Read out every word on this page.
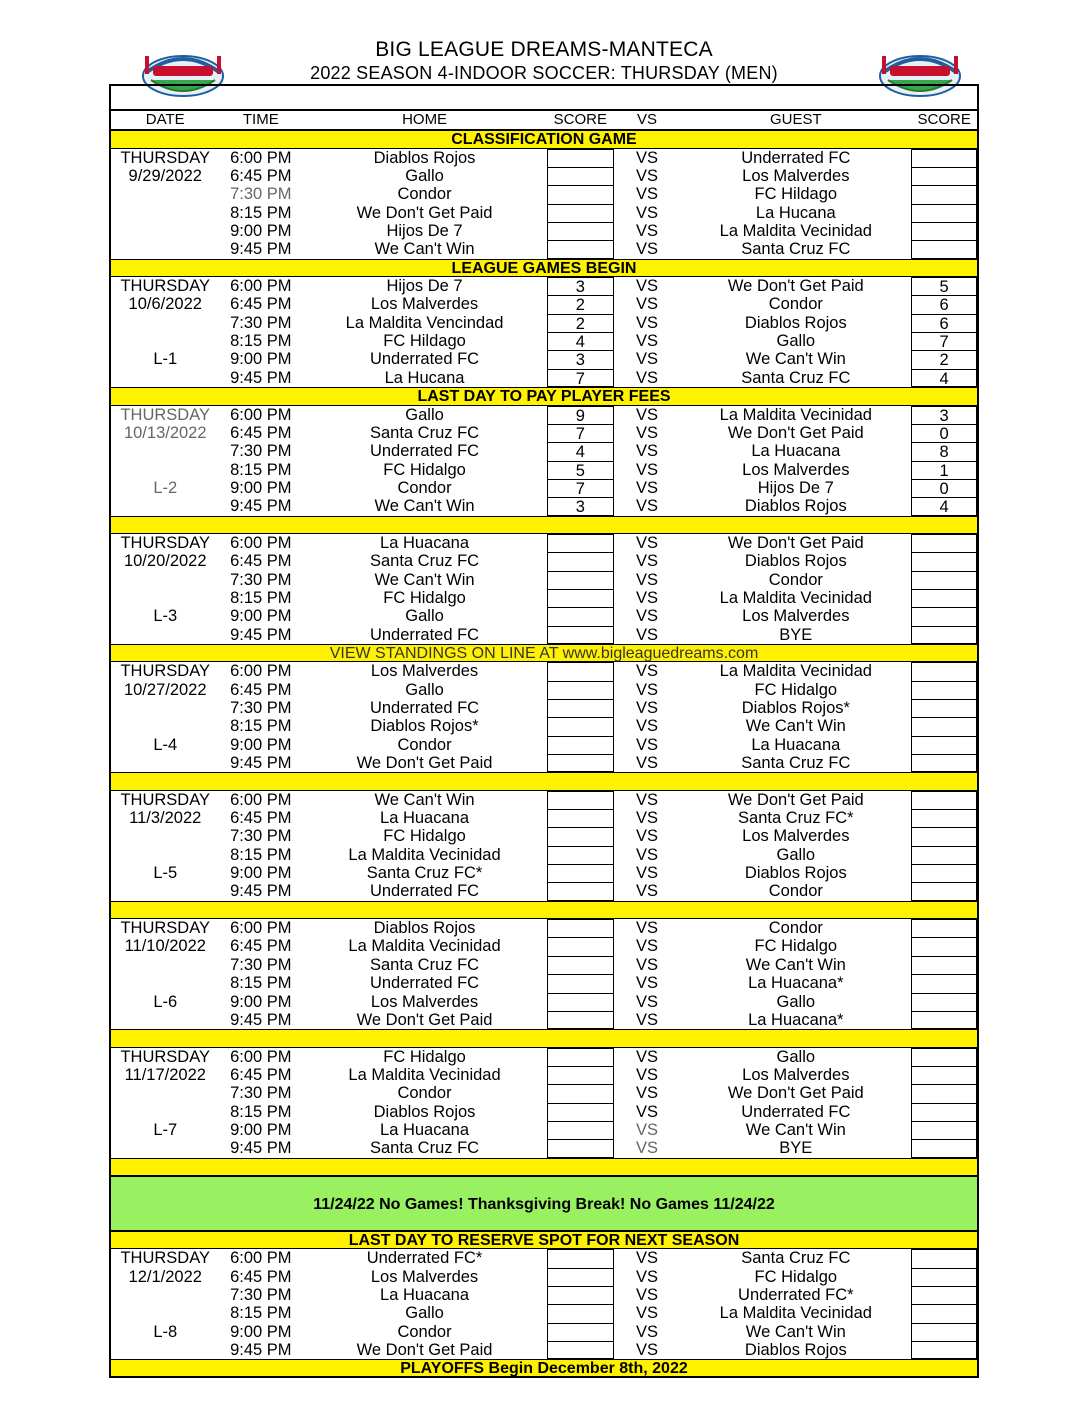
BIG LEAGUE DREAMS-MANTECA
2022 SEASON 4-INDOOR SOCCER: THURSDAY (MEN)
DATE	TIME	HOME	SCORE	VS	GUEST	SCORE
CLASSIFICATION GAME
THURSDAY	6:00 PM	Diablos Rojos	VS	Underrated FC
9/29/2022	6:45 PM	Gallo	VS	Los Malverdes
7:30 PM	Condor	VS	FC Hildago
8:15 PM	We Don't Get Paid	VS	La Hucana
9:00 PM	Hijos De 7	VS	La Maldita Vecinidad
9:45 PM	We Can't Win	VS	Santa Cruz FC
LEAGUE GAMES BEGIN
THURSDAY	6:00 PM	Hijos De 7	3	VS	We Don't Get Paid	5
10/6/2022	6:45 PM	Los Malverdes	2	VS	Condor	6
7:30 PM	La Maldita Vencindad	2	VS	Diablos Rojos	6
8:15 PM	FC Hildago	4	VS	Gallo	7
L-1	9:00 PM	Underrated FC	3	VS	We Can't Win	2
9:45 PM	La Hucana	7	VS	Santa Cruz FC	4
LAST DAY TO PAY PLAYER FEES
THURSDAY	6:00 PM	Gallo	9	VS	La Maldita Vecinidad	3
10/13/2022	6:45 PM	Santa Cruz FC	7	VS	We Don't Get Paid	0
7:30 PM	Underrated FC	4	VS	La Huacana	8
8:15 PM	FC Hidalgo	5	VS	Los Malverdes	1
L-2	9:00 PM	Condor	7	VS	Hijos De 7	0
9:45 PM	We Can't Win	3	VS	Diablos Rojos	4
THURSDAY	6:00 PM	La Huacana	VS	We Don't Get Paid
10/20/2022	6:45 PM	Santa Cruz FC	VS	Diablos Rojos
7:30 PM	We Can't Win	VS	Condor
8:15 PM	FC Hidalgo	VS	La Maldita Vecinidad
L-3	9:00 PM	Gallo	VS	Los Malverdes
9:45 PM	Underrated FC	VS	BYE
VIEW STANDINGS ON LINE AT www.bigleaguedreams.com
THURSDAY	6:00 PM	Los Malverdes	VS	La Maldita Vecinidad
10/27/2022	6:45 PM	Gallo	VS	FC Hidalgo
7:30 PM	Underrated FC	VS	Diablos Rojos*
8:15 PM	Diablos Rojos*	VS	We Can't Win
L-4	9:00 PM	Condor	VS	La Huacana
9:45 PM	We Don't Get Paid	VS	Santa Cruz FC
THURSDAY	6:00 PM	We Can't Win	VS	We Don't Get Paid
11/3/2022	6:45 PM	La Huacana	VS	Santa Cruz FC*
7:30 PM	FC Hidalgo	VS	Los Malverdes
8:15 PM	La Maldita Vecinidad	VS	Gallo
L-5	9:00 PM	Santa Cruz FC*	VS	Diablos Rojos
9:45 PM	Underrated FC	VS	Condor
THURSDAY	6:00 PM	Diablos Rojos	VS	Condor
11/10/2022	6:45 PM	La Maldita Vecinidad	VS	FC Hidalgo
7:30 PM	Santa Cruz FC	VS	We Can't Win
8:15 PM	Underrated FC	VS	La Huacana*
L-6	9:00 PM	Los Malverdes	VS	Gallo
9:45 PM	We Don't Get Paid	VS	La Huacana*
THURSDAY	6:00 PM	FC Hidalgo	VS	Gallo
11/17/2022	6:45 PM	La Maldita Vecinidad	VS	Los Malverdes
7:30 PM	Condor	VS	We Don't Get Paid
8:15 PM	Diablos Rojos	VS	Underrated FC
L-7	9:00 PM	La Huacana	VS	We Can't Win
9:45 PM	Santa Cruz FC	VS	BYE
11/24/22 No Games! Thanksgiving Break! No Games 11/24/22
LAST DAY TO RESERVE SPOT FOR NEXT SEASON
THURSDAY	6:00 PM	Underrated FC*	VS	Santa Cruz FC
12/1/2022	6:45 PM	Los Malverdes	VS	FC Hidalgo
7:30 PM	La Huacana	VS	Underrated FC*
8:15 PM	Gallo	VS	La Maldita Vecinidad
L-8	9:00 PM	Condor	VS	We Can't Win
9:45 PM	We Don't Get Paid	VS	Diablos Rojos
PLAYOFFS Begin December 8th, 2022
